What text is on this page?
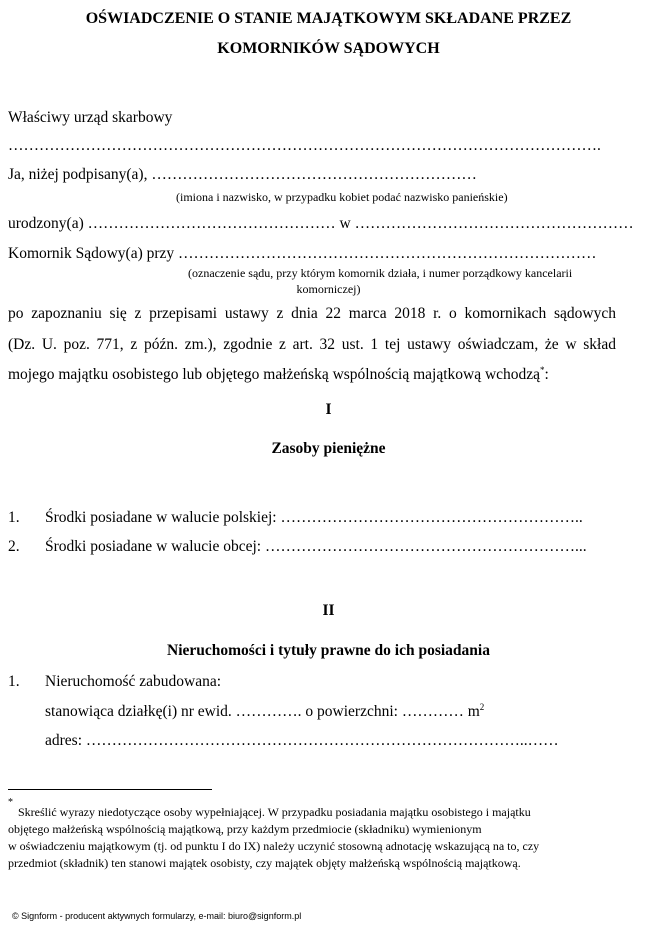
OŚWIADCZENIE O STANIE MAJĄTKOWYM SKŁADANE PRZEZ
KOMORNIKÓW SĄDOWYCH
Właściwy urząd skarbowy
…………………………………………………………………………………………………….
Ja, niżej podpisany(a), ………………………………………………………
(imiona i nazwisko, w przypadku kobiet podać nazwisko panieńskie)
urodzony(a) ………………………………………… w ………………………………………………
Komornik Sądowy(a) przy ………………………………………………………………………
(oznaczenie sądu, przy którym komornik działa, i numer porządkowy kancelarii
komorniczej)
po zapoznaniu się z przepisami ustawy z dnia 22 marca 2018 r. o komornikach sądowych
(Dz. U. poz. 771, z późn. zm.), zgodnie z art. 32 ust. 1 tej ustawy oświadczam, że w skład
mojego majątku osobistego lub objętego małżeńską wspólnością majątkową wchodzą*:
I
Zasoby pieniężne
1. Środki posiadane w walucie polskiej: …………………………………………………..
2. Środki posiadane w walucie obcej: ……………………………………………………...
II
Nieruchomości i tytuły prawne do ich posiadania
1. Nieruchomość zabudowana:
stanowiąca działkę(i) nr ewid. …………. o powierzchni: ………… $m^2$
adres: …………………………………………………………………………..……
*
Skreślić wyrazy niedotyczące osoby wypełniającej. W przypadku posiadania majątku osobistego i majątku
objętego małżeńską wspólnością majątkową, przy każdym przedmiocie (składniku) wymienionym
w oświadczeniu majątkowym (tj. od punktu I do IX) należy uczynić stosowną adnotację wskazującą na to, czy
przedmiot (składnik) ten stanowi majątek osobisty, czy majątek objęty małżeńską wspólnością majątkową.
© Signform - producent aktywnych formularzy, e-mail: biuro@signform.pl
